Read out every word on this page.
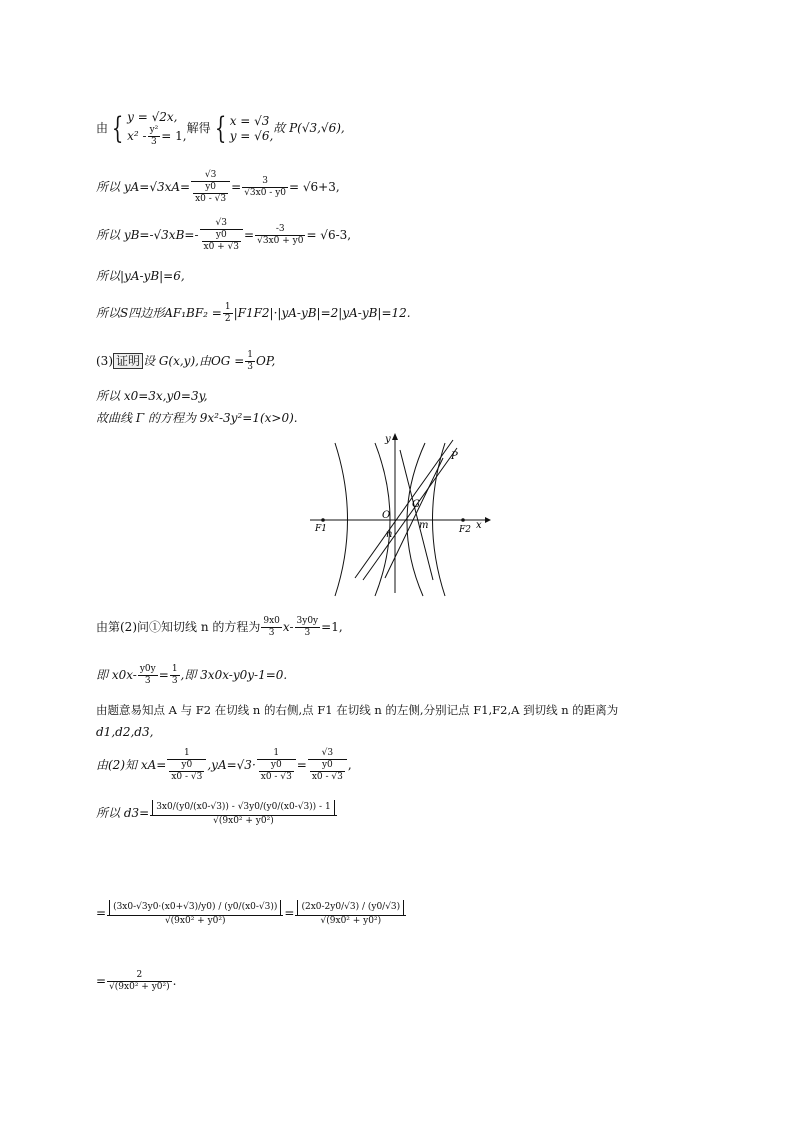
由 { y = √2x,
$x^2 - \frac{\text{y²}}{3} = 1$,解得 { x = √3
y = √6,故 P(√3,√6),
所以 $yA=√3xA= \frac{√3}{\frac{y0}{x0 - √3}} = \frac{3}{√3x0 - y0} = √6+3$,
所以 $yB=-√3xB=- \frac{√3}{\frac{y0}{x0 + √3}} = \frac{-3}{√3x0 + y0} = √6-3$,
所以|yA-yB|=6,
所以S四边形$AF_1BF_2 = \frac{1}{2} |F1F2|\cdot|yA-yB|=2|yA-yB|=12$.
(3) 证明 设 G(x,y),由OG = $\frac{1}{3}$ OP,
所以 x0=3x,y0=3y,
故曲线 Γ 的方程为 9x²-3y²=1(x>0).
y
x
P
G
O
m
n
F1	F2
由第(2)问①知切线 n 的方程为 $\frac{9x0}{3} x- \frac{3y0y}{3} =1$,
即 $x0x- \frac{y0y}{3} = \frac{1}{3}$ ,即 3x0x-y0y-1=0.
由题意易知点 A 与 F2 在切线 n 的右侧,点 F1 在切线 n 的左侧,分别记点 F1,F2,A 到切线 n 的距离为
d1,d2,d3,
由(2)知 $xA= \frac{1}{\frac{y0}{x0 - √3}} ,yA=√3\cdot \frac{1}{\frac{y0}{x0 - √3}} = \frac{√3}{\frac{y0}{x0 - √3}}$ ,
所以 $d3= \frac{3x0/(y0/(x0-√3)) - √3y0/(y0/(x0-√3)) - 1}{\text{√(9x0² + y0²)}}$
= $\frac{(3x0-√3y0\cdot(x0+√3)/y0) / (y0/(x0-√3))}{\text{√(9x0² + y0²)}} = \frac{(2x0-2y0/√3) / (y0/√3)}{\text{√(9x0² + y0²)}}$
= $\frac{2}{\text{√(9x0² + y0²)}}$ .
